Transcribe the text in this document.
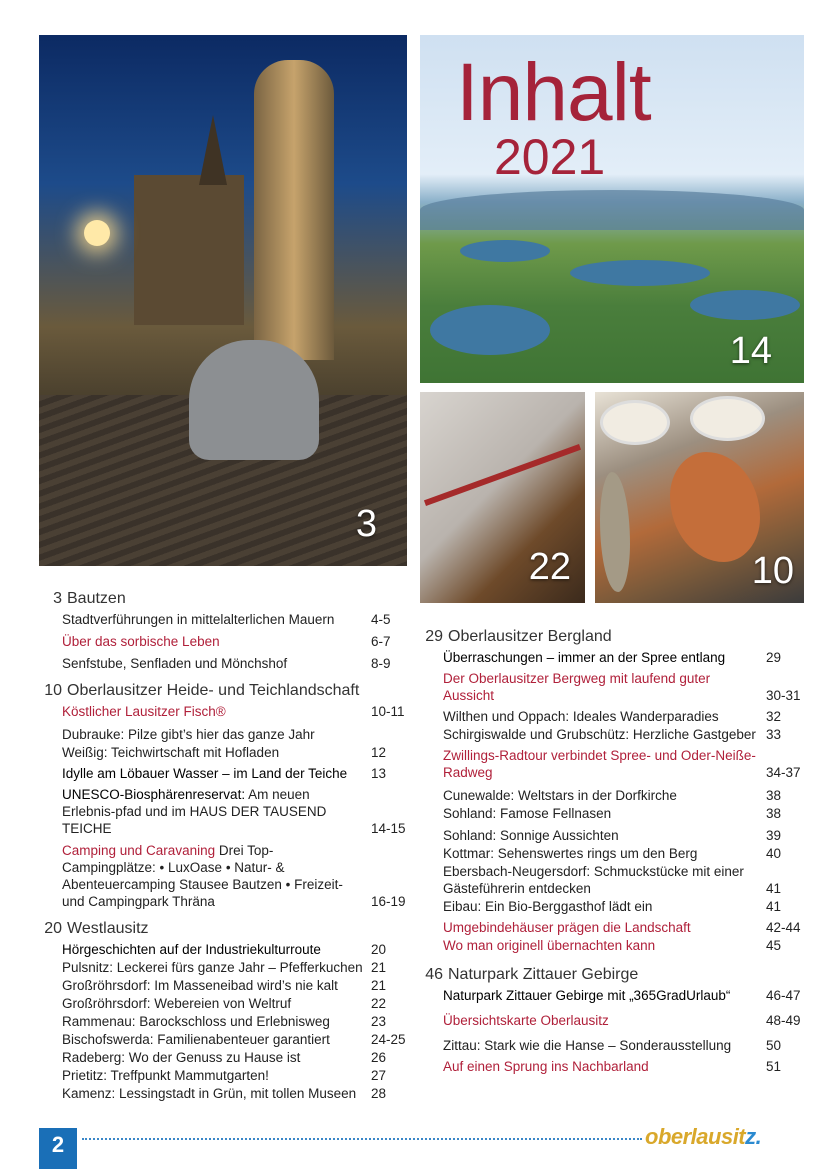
3
14
Inhalt
2021
22	10
3 Bautzen
Stadtverführungen in mittelalterlichen Mauern	4-5
Über das sorbische Leben	6-7
Senfstube, Senfladen und Mönchshof	8-9
10 Oberlausitzer Heide- und Teichlandschaft
Köstlicher Lausitzer Fisch®	10-11
Dubrauke: Pilze gibt’s hier das ganze Jahr
Weißig: Teichwirtschaft mit Hofladen	12
Idylle am Löbauer Wasser – im Land der Teiche	13
UNESCO-Biosphärenreservat: Am neuen Erlebnis-pfad und im HAUS DER TAUSEND TEICHE	14-15
Camping und Caravaning Drei Top-Campingplätze: • LuxOase • Natur- & Abenteuercamping Stausee Bautzen • Freizeit- und Campingpark Thräna	16-19
20 Westlausitz
Hörgeschichten auf der Industriekulturroute	20
Pulsnitz: Leckerei fürs ganze Jahr – Pfefferkuchen 21
Großröhrsdorf: Im Masseneibad wird’s nie kalt	21
Großröhrsdorf: Webereien von Weltruf	22
Rammenau: Barockschloss und Erlebnisweg	23
Bischofswerda: Familienabenteuer garantiert	24-25
Radeberg: Wo der Genuss zu Hause ist	26
Prietitz: Treffpunkt Mammutgarten!	27
Kamenz: Lessingstadt in Grün, mit tollen Museen	28
29 Oberlausitzer Bergland
Überraschungen – immer an der Spree entlang	29
Der Oberlausitzer Bergweg mit laufend guter Aussicht	30-31
Wilthen und Oppach: Ideales Wanderparadies	32
Schirgiswalde und Grubschütz: Herzliche Gastgeber 33
Zwillings-Radtour verbindet Spree- und Oder-Neiße-Radweg	34-37
Cunewalde: Weltstars in der Dorfkirche	38
Sohland: Famose Fellnasen	38
Sohland: Sonnige Aussichten	39
Kottmar: Sehenswertes rings um den Berg	40
Ebersbach-Neugersdorf: Schmuckstücke mit einer Gästeführerin entdecken	41
Eibau: Ein Bio-Berggasthof lädt ein	41
Umgebindehäuser prägen die Landschaft	42-44
Wo man originell übernachten kann	45
46 Naturpark Zittauer Gebirge
Naturpark Zittauer Gebirge mit „365GradUrlaub“	46-47
Übersichtskarte Oberlausitz	48-49
Zittau: Stark wie die Hanse – Sonderausstellung	50
Auf einen Sprung ins Nachbarland	51
2	oberlausitz.
